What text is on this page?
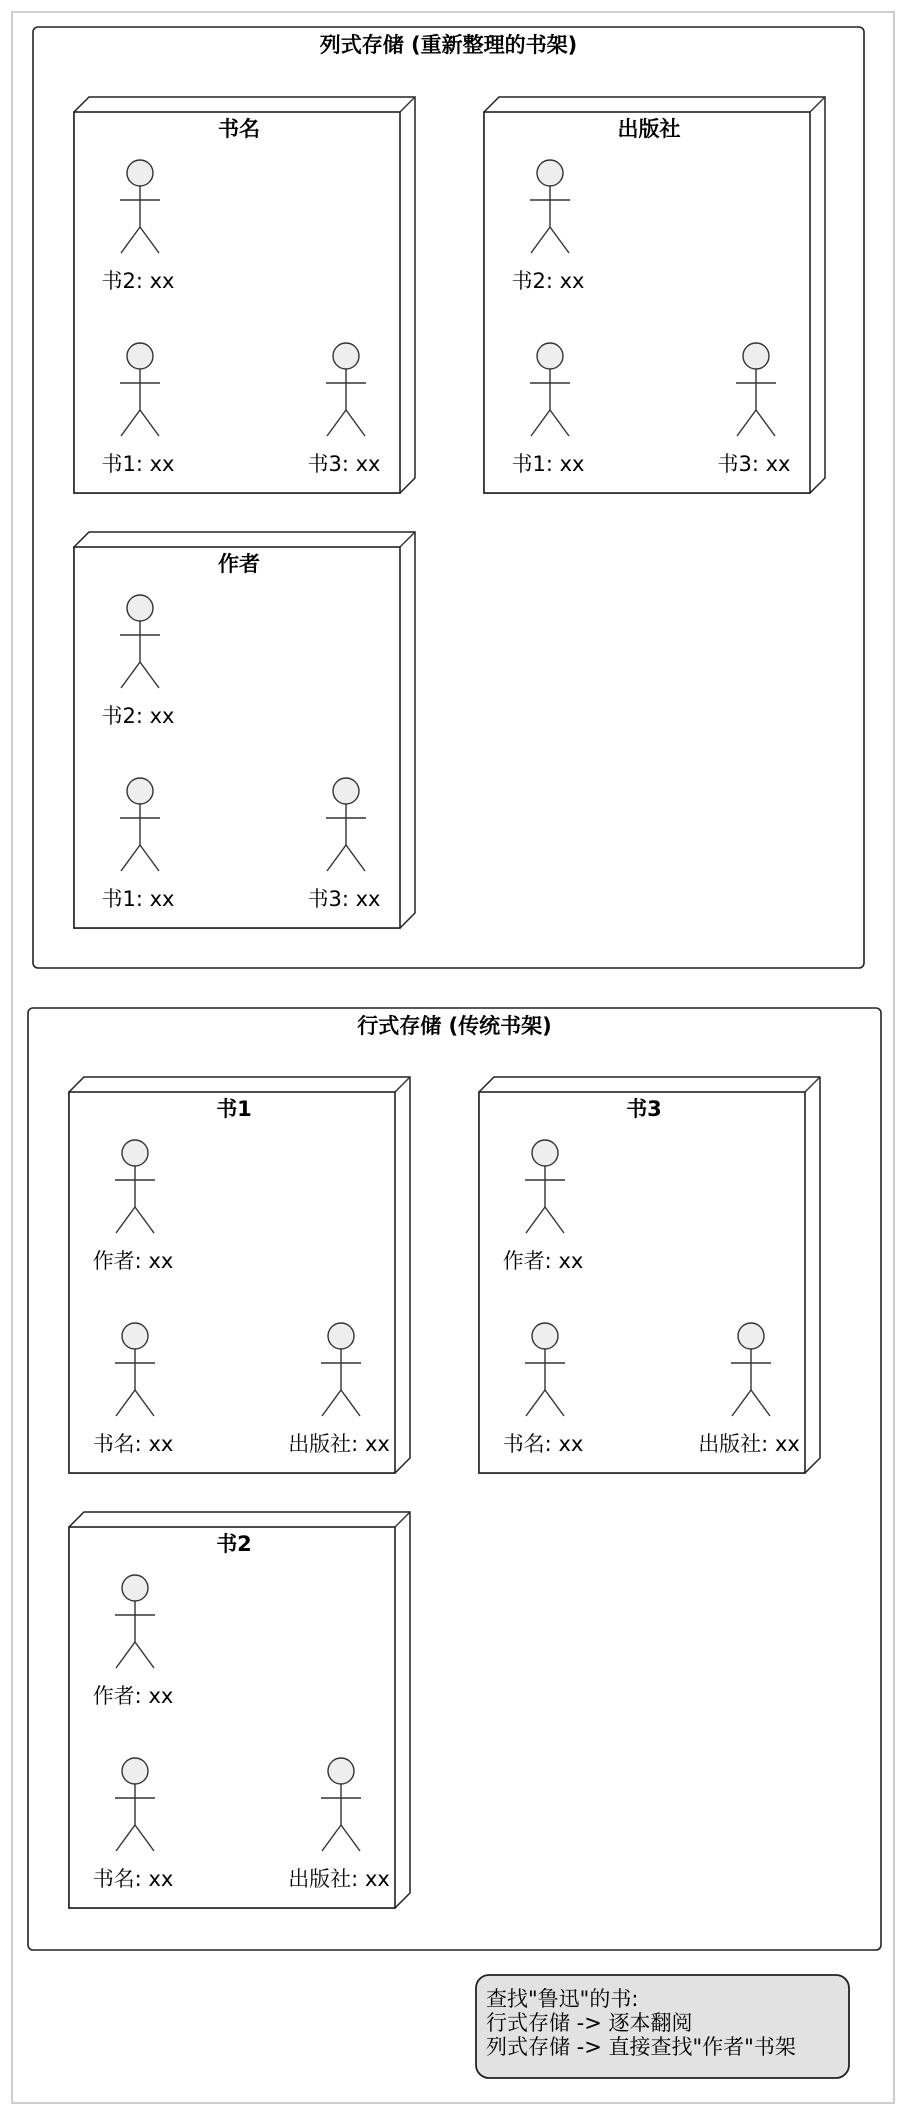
列式存储 (重新整理的书架)
书名
书2: xx
书1: xx	书3: xx
出版社
书2: xx
书1: xx	书3: xx
作者
书2: xx
书1: xx	书3: xx
行式存储 (传统书架)
书1
作者: xx
书名: xx	出版社: xx
书3
作者: xx
书名: xx	出版社: xx
书2
作者: xx
书名: xx	出版社: xx
查找"鲁迅"的书:
行式存储 -> 逐本翻阅
列式存储 -> 直接查找"作者"书架
